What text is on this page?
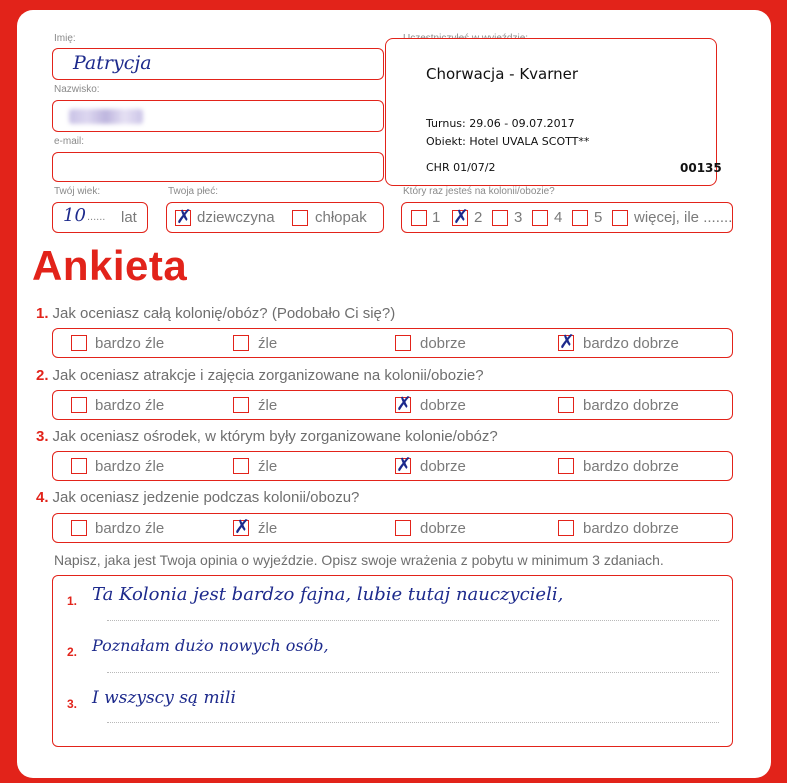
Imię:
Patrycja
Nazwisko:
e-mail:
Twój wiek:
10 ...... lat
Twoja płeć:
✗
dziewczyna	chłopak
Chorwacja - Kvarner
Turnus: 29.06 - 09.07.2017
Obiekt: Hotel UVALA SCOTT**
CHR 01/07/2	00135
Który raz jesteś na kolonii/obozie?
1 ✗ 2 3 4 5 więcej, ile .......
Ankieta
1. Jak oceniasz całą kolonię/obóz? (Podobało Ci się?)
bardzo źle	źle	dobrze ✗	bardzo dobrze
2. Jak oceniasz atrakcje i zajęcia zorganizowane na kolonii/obozie?
bardzo źle	źle ✗	dobrze	bardzo dobrze
3. Jak oceniasz ośrodek, w którym były zorganizowane kolonie/obóz?
bardzo źle	źle ✗	dobrze	bardzo dobrze
4. Jak oceniasz jedzenie podczas kolonii/obozu?
bardzo źle ✗	źle	dobrze	bardzo dobrze
Napisz, jaka jest Twoja opinia o wyjeździe. Opisz swoje wrażenia z pobytu w minimum 3 zdaniach.
1. Ta Kolonia jest bardzo fajna, lubie tutaj nauczycieli,
2. Poznałam dużo nowych osób,
3. I wszyscy są mili
